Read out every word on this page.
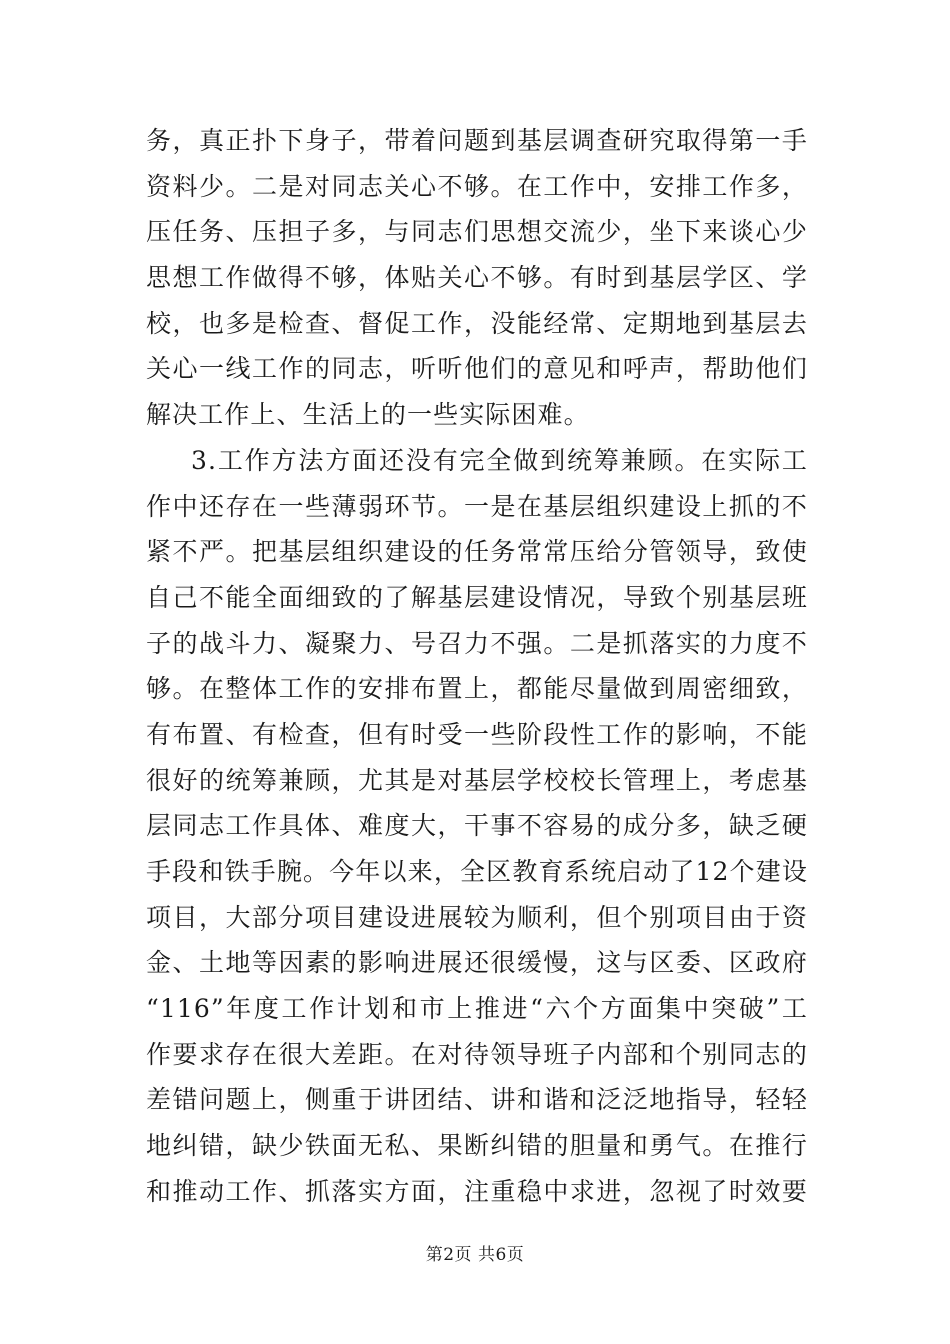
务，真正扑下身子，带着问题到基层调查研究取得第一手
资料少。二是对同志关心不够。在工作中，安排工作多，
压任务、压担子多，与同志们思想交流少，坐下来谈心少
思想工作做得不够，体贴关心不够。有时到基层学区、学
校，也多是检查、督促工作，没能经常、定期地到基层去
关心一线工作的同志，听听他们的意见和呼声，帮助他们
解决工作上、生活上的一些实际困难。
3.工作方法方面还没有完全做到统筹兼顾。在实际工
作中还存在一些薄弱环节。一是在基层组织建设上抓的不
紧不严。把基层组织建设的任务常常压给分管领导，致使
自己不能全面细致的了解基层建设情况，导致个别基层班
子的战斗力、凝聚力、号召力不强。二是抓落实的力度不
够。在整体工作的安排布置上，都能尽量做到周密细致，
有布置、有检查，但有时受一些阶段性工作的影响，不能
很好的统筹兼顾，尤其是对基层学校校长管理上，考虑基
层同志工作具体、难度大，干事不容易的成分多，缺乏硬
手段和铁手腕。今年以来，全区教育系统启动了12个建设
项目，大部分项目建设进展较为顺利，但个别项目由于资
金、土地等因素的影响进展还很缓慢，这与区委、区政府
“116”年度工作计划和市上推进“六个方面集中突破”工
作要求存在很大差距。在对待领导班子内部和个别同志的
差错问题上，侧重于讲团结、讲和谐和泛泛地指导，轻轻
地纠错，缺少铁面无私、果断纠错的胆量和勇气。在推行
和推动工作、抓落实方面，注重稳中求进，忽视了时效要
第2页 共6页
